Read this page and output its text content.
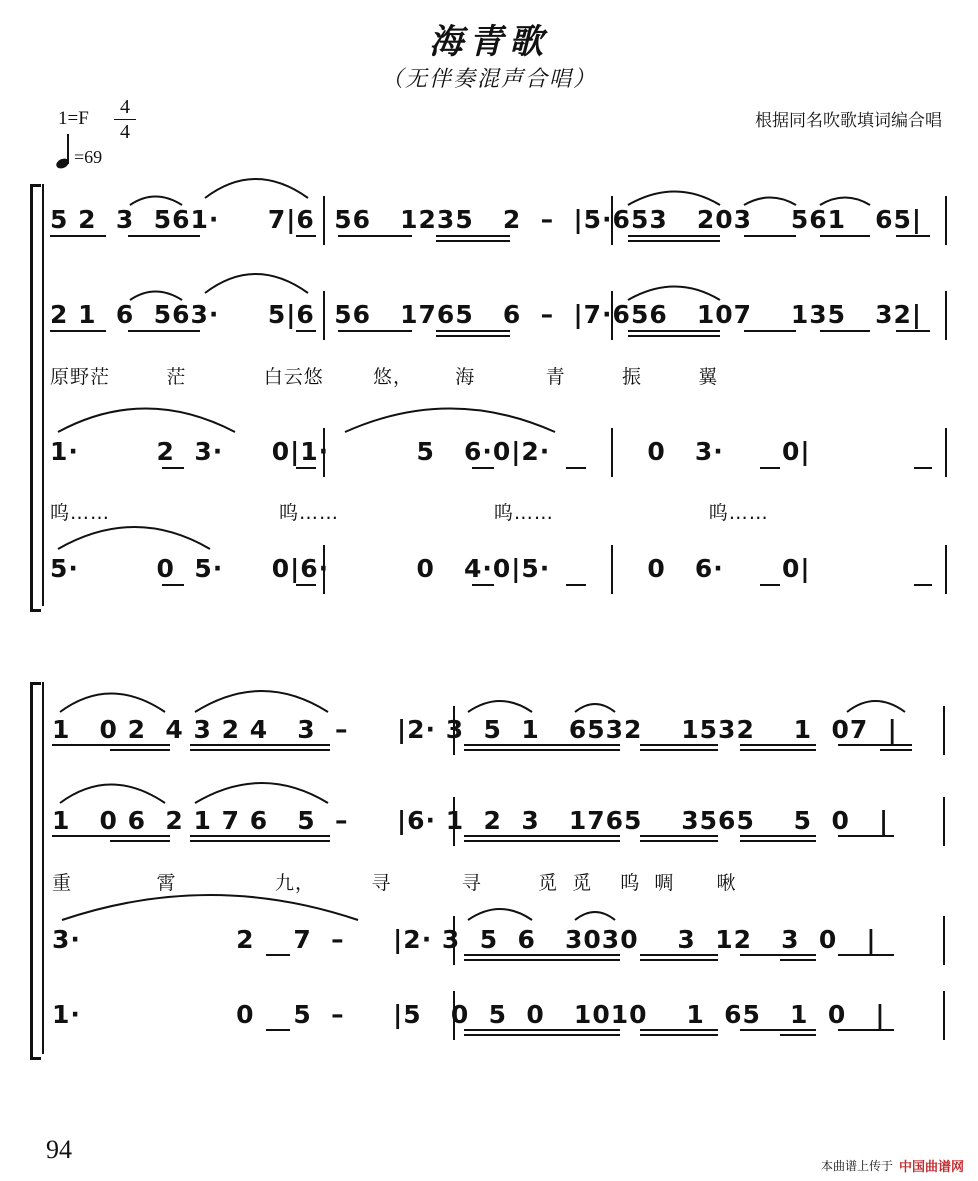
海青歌
（无伴奏混声合唱）
根据同名吹歌填词编合唱
1=F
4
4
=69
5 2  3  561·     7|6  56   1235   2  –  |5·653   203    561   65|
2 1  6  563·     5|6  56   1765   6  –  |7·656   107    135   32|
原野茫        茫           白云悠       悠，      海          青        振        翼
1·        2  3·     0|1·         5   6·0|2·          0   3·      0|
呜……                        呜……                      呜……                      呜……
5·        0  5·     0|6·         0   4·0|5·          0   6·      0|
1   0 2  4 3 2 4   3  –     |2· 3  5  1   6532    1532    1  07  |
1   0 6  2 1 7 6   5  –     |6· 1  2  3   1765    3565    5  0   |
重            霄              九，        寻          寻        觅  觅    呜  啁      啾
3·                2    7  –     |2· 3  5  6   3030    3  12   3  0   |
1·                0    5  –     |5   0  5  0   1010    1  65   1  0   |
94
本曲谱上传于 中国曲谱网
